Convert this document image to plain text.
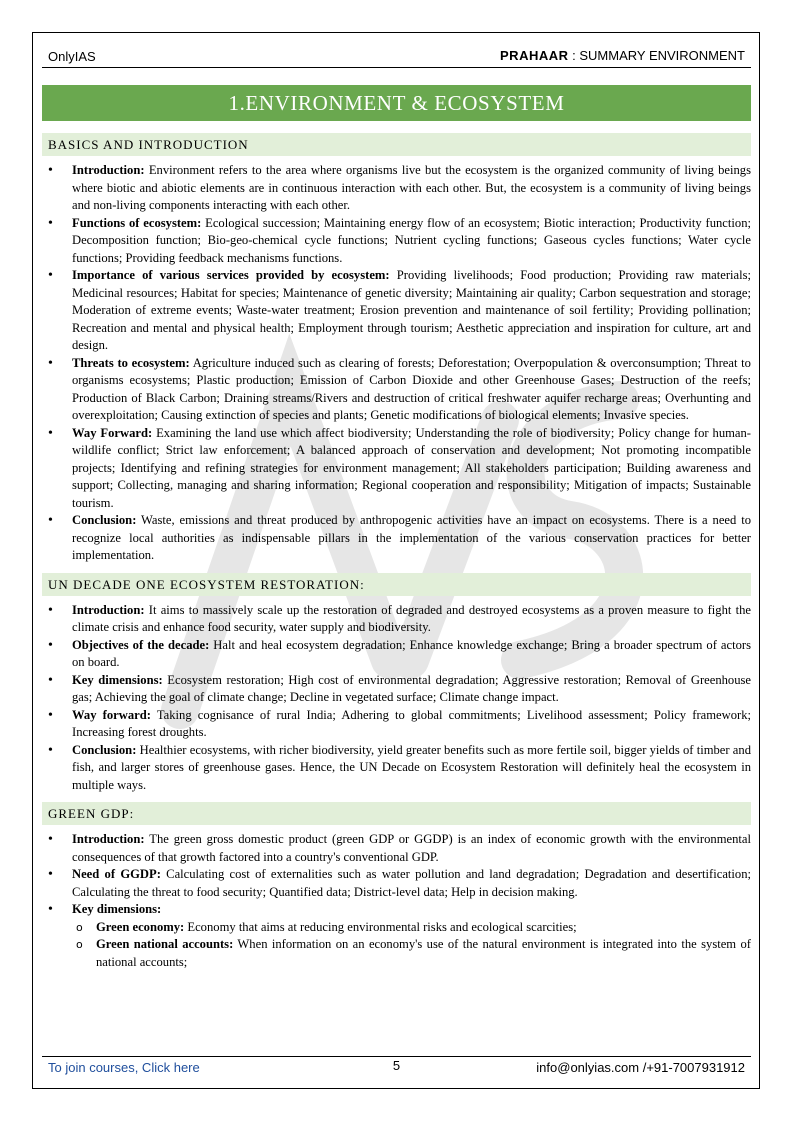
OnlyIAS	PRAHAAR : SUMMARY ENVIRONMENT
1.ENVIRONMENT & ECOSYSTEM
BASICS AND INTRODUCTION
• Introduction: Environment refers to the area where organisms live but the ecosystem is the organized community of living beings where biotic and abiotic elements are in continuous interaction with each other. But, the ecosystem is a community of living beings and non-living components interacting with each other.
• Functions of ecosystem: Ecological succession; Maintaining energy flow of an ecosystem; Biotic interaction; Productivity function; Decomposition function; Bio-geo-chemical cycle functions; Nutrient cycling functions; Gaseous cycles functions; Water cycle functions; Providing feedback mechanisms functions.
• Importance of various services provided by ecosystem: Providing livelihoods; Food production; Providing raw materials; Medicinal resources; Habitat for species; Maintenance of genetic diversity; Maintaining air quality; Carbon sequestration and storage; Moderation of extreme events; Waste-water treatment; Erosion prevention and maintenance of soil fertility; Providing pollination; Recreation and mental and physical health; Employment through tourism; Aesthetic appreciation and inspiration for culture, art and design.
• Threats to ecosystem: Agriculture induced such as clearing of forests; Deforestation; Overpopulation & overconsumption; Threat to organisms ecosystems; Plastic production; Emission of Carbon Dioxide and other Greenhouse Gases; Destruction of the reefs; Production of Black Carbon; Draining streams/Rivers and destruction of critical freshwater aquifer recharge areas; Overhunting and overexploitation; Causing extinction of species and plants; Genetic modifications of biological elements; Invasive species.
• Way Forward: Examining the land use which affect biodiversity; Understanding the role of biodiversity; Policy change for human-wildlife conflict; Strict law enforcement; A balanced approach of conservation and development; Not promoting incompatible projects; Identifying and refining strategies for environment management; All stakeholders participation; Building awareness and support; Collecting, managing and sharing information; Regional cooperation and responsibility; Mitigation of impacts; Sustainable tourism.
• Conclusion: Waste, emissions and threat produced by anthropogenic activities have an impact on ecosystems. There is a need to recognize local authorities as indispensable pillars in the implementation of the various conservation practices for better implementation.
UN DECADE ONE ECOSYSTEM RESTORATION:
• Introduction: It aims to massively scale up the restoration of degraded and destroyed ecosystems as a proven measure to fight the climate crisis and enhance food security, water supply and biodiversity.
• Objectives of the decade: Halt and heal ecosystem degradation; Enhance knowledge exchange; Bring a broader spectrum of actors on board.
• Key dimensions: Ecosystem restoration; High cost of environmental degradation; Aggressive restoration; Removal of Greenhouse gas; Achieving the goal of climate change; Decline in vegetated surface; Climate change impact.
• Way forward: Taking cognisance of rural India; Adhering to global commitments; Livelihood assessment; Policy framework; Increasing forest droughts.
• Conclusion: Healthier ecosystems, with richer biodiversity, yield greater benefits such as more fertile soil, bigger yields of timber and fish, and larger stores of greenhouse gases. Hence, the UN Decade on Ecosystem Restoration will definitely heal the ecosystem in multiple ways.
GREEN GDP:
• Introduction: The green gross domestic product (green GDP or GGDP) is an index of economic growth with the environmental consequences of that growth factored into a country's conventional GDP.
• Need of GGDP: Calculating cost of externalities such as water pollution and land degradation; Degradation and desertification; Calculating the threat to food security; Quantified data; District-level data; Help in decision making.
• Key dimensions:
o Green economy: Economy that aims at reducing environmental risks and ecological scarcities;
o Green national accounts: When information on an economy's use of the natural environment is integrated into the system of national accounts;
To join courses, Click here	5	info@onlyias.com /+91-7007931912
